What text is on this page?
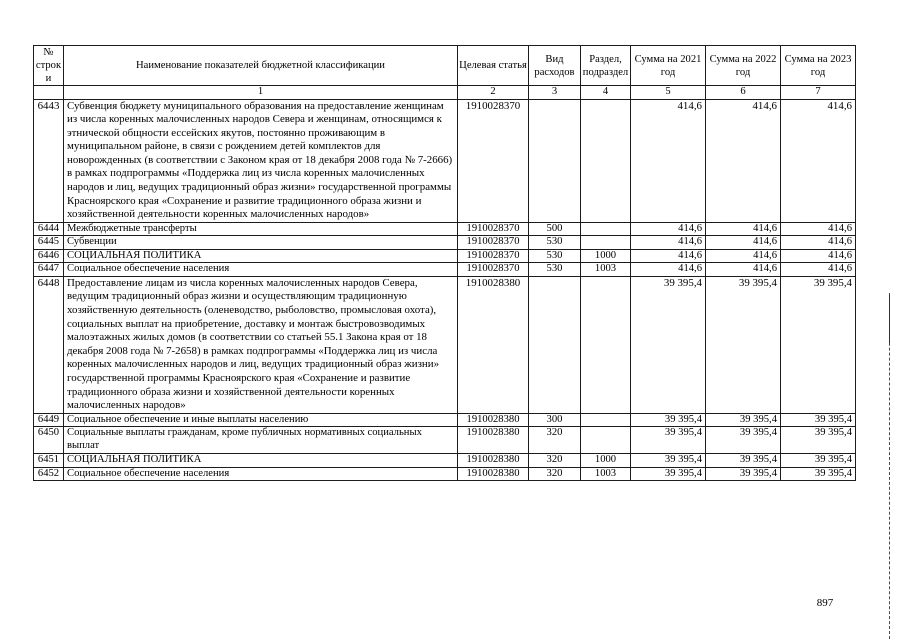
№ строки	Наименование показателей бюджетной классификации	Целевая статья	Вид расходов	Раздел, подраздел	Сумма на 2021 год	Сумма на 2022 год	Сумма на 2023 год
	1	2	3	4	5	6	7
6443	Субвенция бюджету муниципального образования на предоставление женщинам из числа коренных малочисленных народов Севера и женщинам, относящимся к этнической общности ессейских якутов, постоянно проживающим в муниципальном районе, в связи с рождением детей комплектов для новорожденных (в соответствии с Законом края от 18 декабря 2008 года № 7-2666) в рамках подпрограммы «Поддержка лиц из числа коренных малочисленных народов и лиц, ведущих традиционный образ жизни» государственной программы Красноярского края «Сохранение и развитие традиционного образа жизни и хозяйственной деятельности коренных малочисленных народов»	1910028370			414,6	414,6	414,6
6444	Межбюджетные трансферты	1910028370	500		414,6	414,6	414,6
6445	Субвенции	1910028370	530		414,6	414,6	414,6
6446	СОЦИАЛЬНАЯ ПОЛИТИКА	1910028370	530	1000	414,6	414,6	414,6
6447	Социальное обеспечение населения	1910028370	530	1003	414,6	414,6	414,6
6448	Предоставление лицам из числа коренных малочисленных народов Севера, ведущим традиционный образ жизни и осуществляющим традиционную хозяйственную деятельность (оленеводство, рыболовство, промысловая охота), социальных выплат на приобретение, доставку и монтаж быстровозводимых малоэтажных жилых домов (в соответствии со статьей 55.1 Закона края от 18 декабря 2008 года № 7-2658) в рамках подпрограммы «Поддержка лиц из числа коренных малочисленных народов и лиц, ведущих традиционный образ жизни» государственной программы Красноярского края «Сохранение и развитие традиционного образа жизни и хозяйственной деятельности коренных малочисленных народов»	1910028380			39 395,4	39 395,4	39 395,4
6449	Социальное обеспечение и иные выплаты населению	1910028380	300		39 395,4	39 395,4	39 395,4
6450	Социальные выплаты гражданам, кроме публичных нормативных социальных выплат	1910028380	320		39 395,4	39 395,4	39 395,4
6451	СОЦИАЛЬНАЯ ПОЛИТИКА	1910028380	320	1000	39 395,4	39 395,4	39 395,4
6452	Социальное обеспечение населения	1910028380	320	1003	39 395,4	39 395,4	39 395,4
897
